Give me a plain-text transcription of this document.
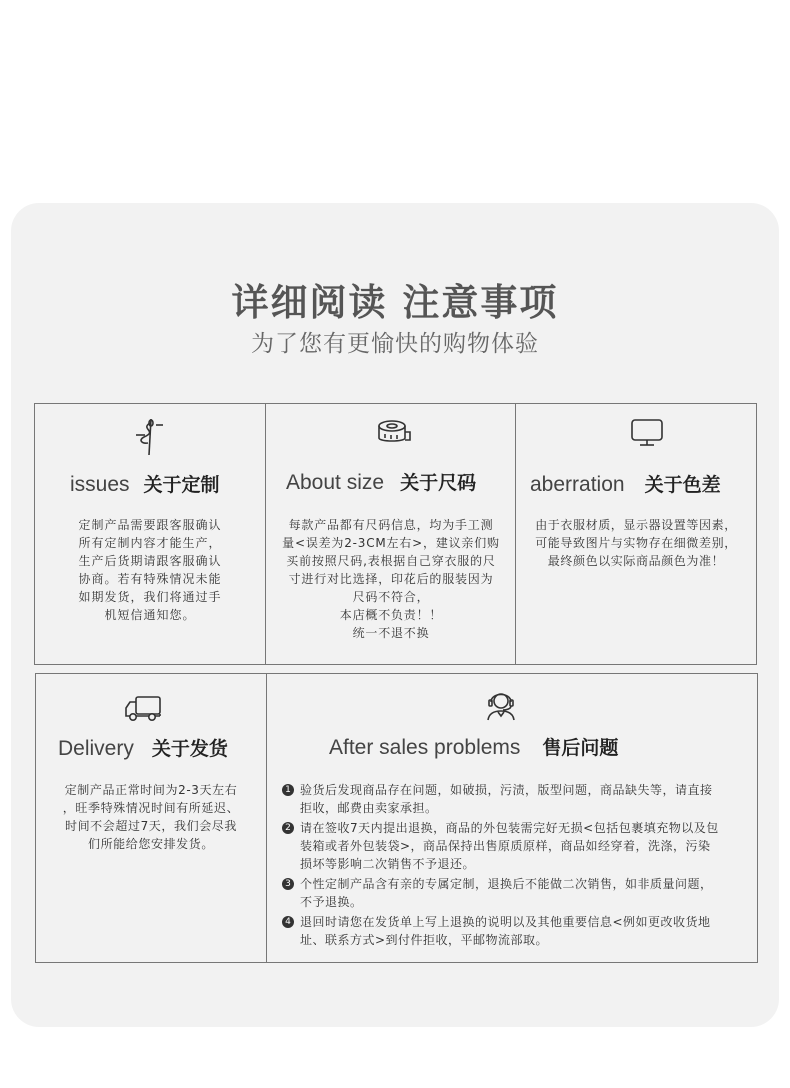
详细阅读 注意事项
为了您有更愉快的购物体验
issues 关于定制
定制产品需要跟客服确认
所有定制内容才能生产，
生产后货期请跟客服确认
协商。若有特殊情况未能
如期发货，我们将通过手
机短信通知您。
About size 关于尺码
每款产品都有尺码信息，均为手工测
量<误差为2-3CM左右>，建议亲们购
买前按照尺码,表根据自己穿衣服的尺
寸进行对比选择，印花后的服装因为
尺码不符合，
本店概不负责！！
统一不退不换
aberration 关于色差
由于衣服材质，显示器设置等因素，
可能导致图片与实物存在细微差别，
最终颜色以实际商品颜色为准！
Delivery 关于发货
定制产品正常时间为2-3天左右
，旺季特殊情况时间有所延迟、
时间不会超过7天，我们会尽我
们所能给您安排发货。
After sales problems 售后问题
1 验货后发现商品存在问题，如破损，污渍，版型问题，商品缺失等，请直接
拒收，邮费由卖家承担。
2 请在签收7天内提出退换，商品的外包装需完好无损<包括包裹填充物以及包
装箱或者外包装袋>，商品保持出售原质原样，商品如经穿着，洗涤，污染
损坏等影响二次销售不予退还。
3 个性定制产品含有亲的专属定制，退换后不能做二次销售，如非质量问题，
不予退换。
4 退回时请您在发货单上写上退换的说明以及其他重要信息<例如更改收货地
址、联系方式>到付件拒收，平邮物流部取。
